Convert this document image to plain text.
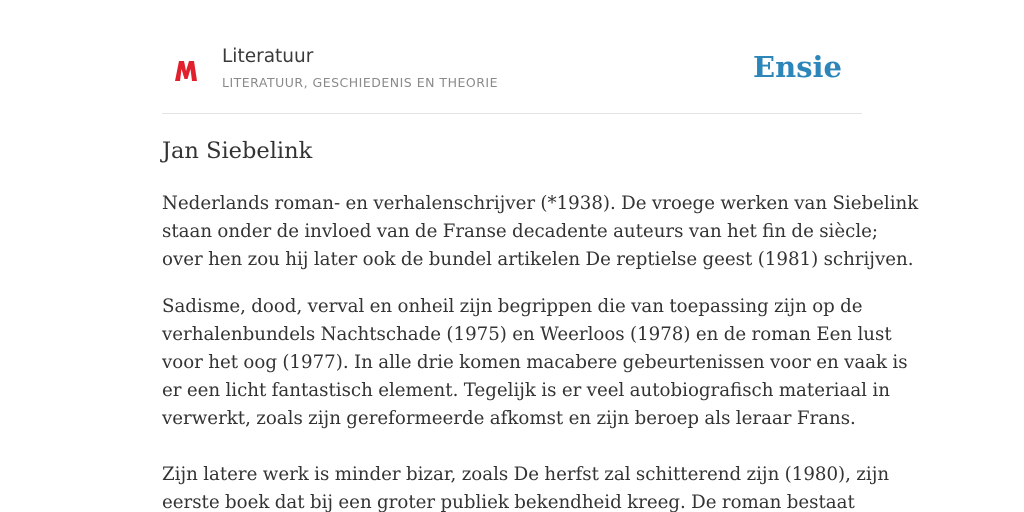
Literatuur
LITERATUUR, GESCHIEDENIS EN THEORIE	Ensie
Jan Siebelink
Nederlands roman- en verhalenschrijver (*1938). De vroege werken van Siebelink
staan onder de invloed van de Franse decadente auteurs van het fin de siècle;
over hen zou hij later ook de bundel artikelen De reptielse geest (1981) schrijven.
Sadisme, dood, verval en onheil zijn begrippen die van toepassing zijn op de
verhalenbundels Nachtschade (1975) en Weerloos (1978) en de roman Een lust
voor het oog (1977). In alle drie komen macabere gebeurtenissen voor en vaak is
er een licht fantastisch element. Tegelijk is er veel autobiografisch materiaal in
verwerkt, zoals zijn gereformeerde afkomst en zijn beroep als leraar Frans.
Zijn latere werk is minder bizar, zoals De herfst zal schitterend zijn (1980), zijn
eerste boek dat bij een groter publiek bekendheid kreeg. De roman bestaat
